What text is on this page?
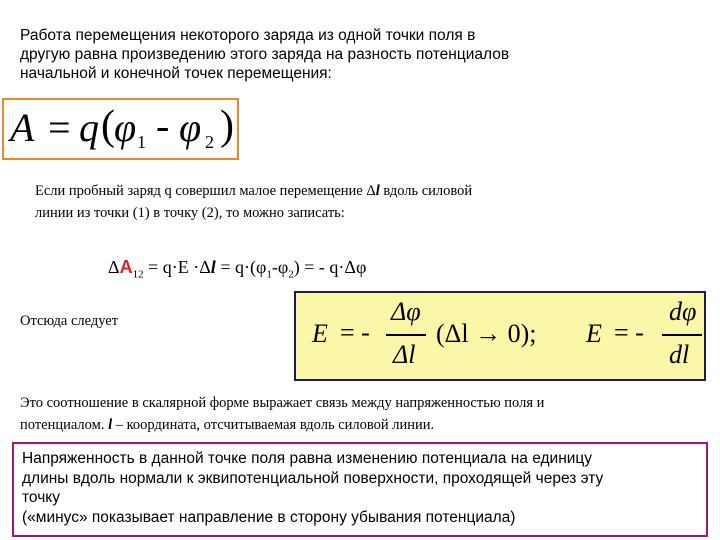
Работа перемещения некоторого заряда из одной точки поля в
другую равна произведению этого заряда на разность потенциалов
начальной и конечной точек перемещения:
A = q ( φ 1 - φ 2 )
Если пробный заряд q совершил малое перемещение Δl вдоль силовой
линии из точки (1) в точку (2), то можно записать:
$\Delta A_{12} = q\cdot E \cdot\Delta l = q\cdot(\varphi_1-\varphi_2)$ = - q·Δφ
Отсюда следует	E = -
Δφ
Δl
(Δl → 0); E = -
dφ
dl
Это соотношение в скалярной форме выражает связь между напряженностью поля и
потенциалом. l – координата, отсчитываемая вдоль силовой линии.
Напряженность в данной точке поля равна изменению потенциала на единицу
длины вдоль нормали к эквипотенциальной поверхности, проходящей через эту
точку
(«минус» показывает направление в сторону убывания потенциала)
